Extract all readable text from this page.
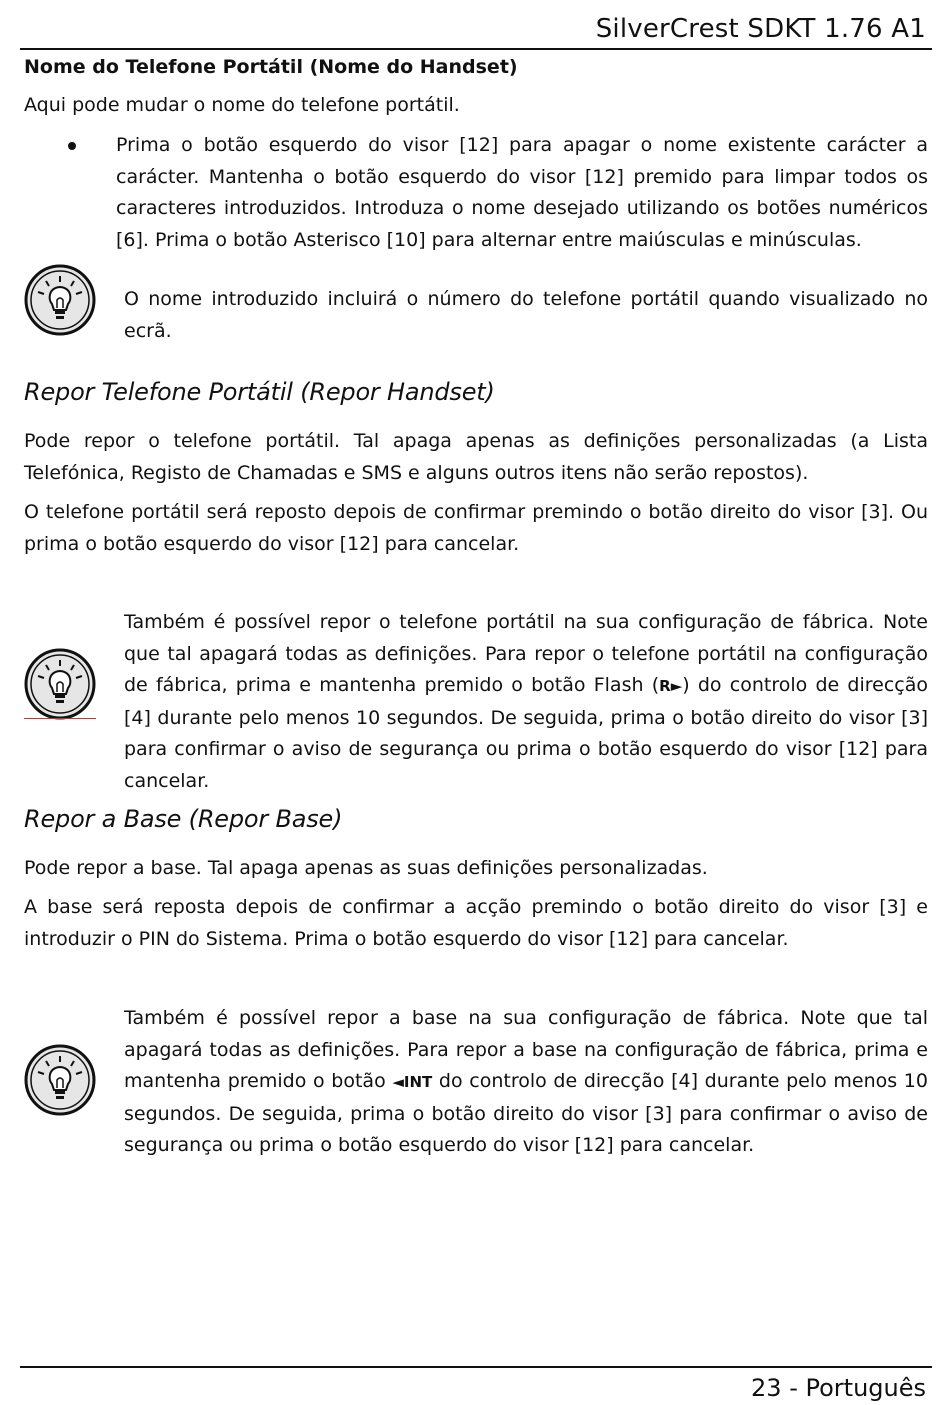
SilverCrest SDKT 1.76 A1
Nome do Telefone Portátil (Nome do Handset)
Aqui pode mudar o nome do telefone portátil.
Prima o botão esquerdo do visor [12] para apagar o nome existente carácter a carácter. Mantenha o botão esquerdo do visor [12] premido para limpar todos os caracteres introduzidos. Introduza o nome desejado utilizando os botões numéricos [6]. Prima o botão Asterisco [10] para alternar entre maiúsculas e minúsculas.
O nome introduzido incluirá o número do telefone portátil quando visualizado no ecrã.
Repor Telefone Portátil (Repor Handset)
Pode repor o telefone portátil. Tal apaga apenas as definições personalizadas (a Lista Telefónica, Registo de Chamadas e SMS e alguns outros itens não serão repostos).
O telefone portátil será reposto depois de confirmar premindo o botão direito do visor [3]. Ou prima o botão esquerdo do visor [12] para cancelar.
Também é possível repor o telefone portátil na sua configuração de fábrica. Note que tal apagará todas as definições. Para repor o telefone portátil na configuração de fábrica, prima e mantenha premido o botão Flash (R►) do controlo de direcção [4] durante pelo menos 10 segundos. De seguida, prima o botão direito do visor [3] para confirmar o aviso de segurança ou prima o botão esquerdo do visor [12] para cancelar.
Repor a Base (Repor Base)
Pode repor a base. Tal apaga apenas as suas definições personalizadas.
A base será reposta depois de confirmar a acção premindo o botão direito do visor [3] e introduzir o PIN do Sistema. Prima o botão esquerdo do visor [12] para cancelar.
Também é possível repor a base na sua configuração de fábrica. Note que tal apagará todas as definições. Para repor a base na configuração de fábrica, prima e mantenha premido o botão ◄INT do controlo de direcção [4] durante pelo menos 10 segundos. De seguida, prima o botão direito do visor [3] para confirmar o aviso de segurança ou prima o botão esquerdo do visor [12] para cancelar.
23 - Português
